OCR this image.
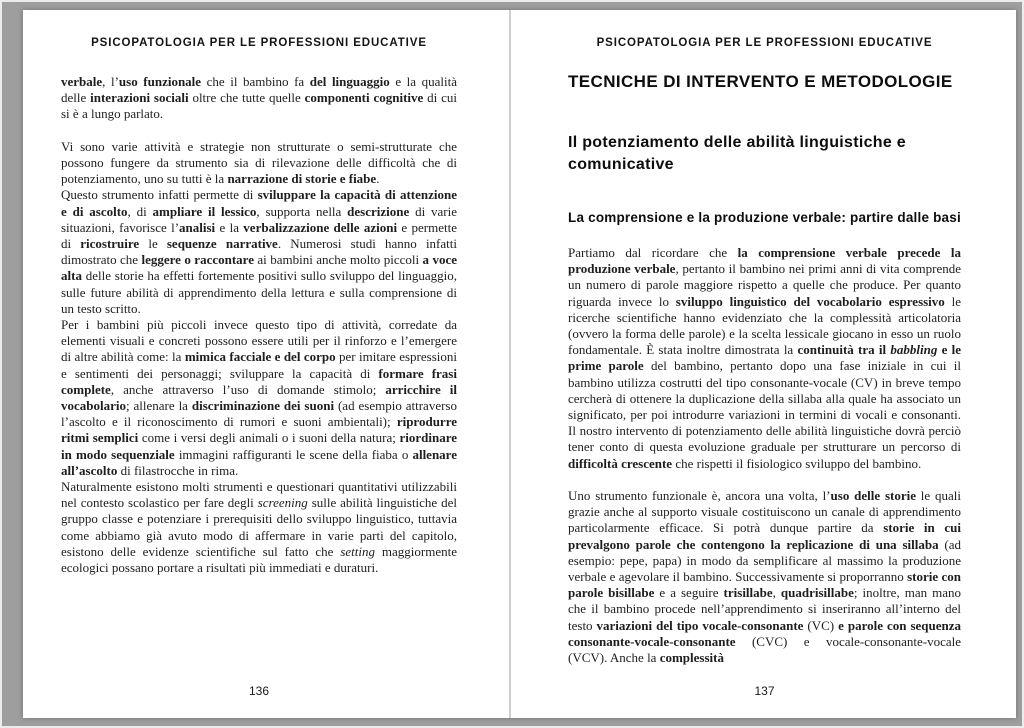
PSICOPATOLOGIA PER LE PROFESSIONI EDUCATIVE

verbale, l’uso funzionale che il bambino fa del linguaggio e la qualità delle interazioni sociali oltre che tutte quelle componenti cognitive di cui si è a lungo parlato.

Vi sono varie attività e strategie non strutturate o semi-strutturate che possono fungere da strumento sia di rilevazione delle difficoltà che di potenziamento, uno su tutti è la narrazione di storie e fiabe.

Questo strumento infatti permette di sviluppare la capacità di attenzione e di ascolto, di ampliare il lessico, supporta nella descrizione di varie situazioni, favorisce l’analisi e la verbalizzazione delle azioni e permette di ricostruire le sequenze narrative. Numerosi studi hanno infatti dimostrato che leggere o raccontare ai bambini anche molto piccoli a voce alta delle storie ha effetti fortemente positivi sullo sviluppo del linguaggio, sulle future abilità di apprendimento della lettura e sulla comprensione di un testo scritto.

Per i bambini più piccoli invece questo tipo di attività, corredate da elementi visuali e concreti possono essere utili per il rinforzo e l’emergere di altre abilità come: la mimica facciale e del corpo per imitare espressioni e sentimenti dei personaggi; sviluppare la capacità di formare frasi complete, anche attraverso l’uso di domande stimolo; arricchire il vocabolario; allenare la discriminazione dei suoni (ad esempio attraverso l’ascolto e il riconoscimento di rumori e suoni ambientali); riprodurre ritmi semplici come i versi degli animali o i suoni della natura; riordinare in modo sequenziale immagini raffiguranti le scene della fiaba o allenare all’ascolto di filastrocche in rima.

Naturalmente esistono molti strumenti e questionari quantitativi utilizzabili nel contesto scolastico per fare degli screening sulle abilità linguistiche del gruppo classe e potenziare i prerequisiti dello sviluppo linguistico, tuttavia come abbiamo già avuto modo di affermare in varie parti del capitolo, esistono delle evidenze scientifiche sul fatto che setting maggiormente ecologici possano portare a risultati più immediati e duraturi.

136
PSICOPATOLOGIA PER LE PROFESSIONI EDUCATIVE
TECNICHE DI INTERVENTO E METODOLOGIE
Il potenziamento delle abilità linguistiche e comunicative
La comprensione e la produzione verbale: partire dalle basi

Partiamo dal ricordare che la comprensione verbale precede la produzione verbale, pertanto il bambino nei primi anni di vita comprende un numero di parole maggiore rispetto a quelle che produce. Per quanto riguarda invece lo sviluppo linguistico del vocabolario espressivo le ricerche scientifiche hanno evidenziato che la complessità articolatoria (ovvero la forma delle parole) e la scelta lessicale giocano in esso un ruolo fondamentale. È stata inoltre dimostrata la continuità tra il babbling e le prime parole del bambino, pertanto dopo una fase iniziale in cui il bambino utilizza costrutti del tipo consonante-vocale (CV) in breve tempo cercherà di ottenere la duplicazione della sillaba alla quale ha associato un significato, per poi introdurre variazioni in termini di vocali e consonanti. Il nostro intervento di potenziamento delle abilità linguistiche dovrà perciò tener conto di questa evoluzione graduale per strutturare un percorso di difficoltà crescente che rispetti il fisiologico sviluppo del bambino.

Uno strumento funzionale è, ancora una volta, l’uso delle storie le quali grazie anche al supporto visuale costituiscono un canale di apprendimento particolarmente efficace. Si potrà dunque partire da storie in cui prevalgono parole che contengono la replicazione di una sillaba (ad esempio: pepe, papa) in modo da semplificare al massimo la produzione verbale e agevolare il bambino. Successivamente si proporranno storie con parole bisillabe e a seguire trisillabe, quadrisillabe; inoltre, man mano che il bambino procede nell’apprendimento si inseriranno all’interno del testo variazioni del tipo vocale-consonante (VC) e parole con sequenza consonante-vocale-consonante (CVC) e vocale-consonante-vocale (VCV). Anche la complessità

137
